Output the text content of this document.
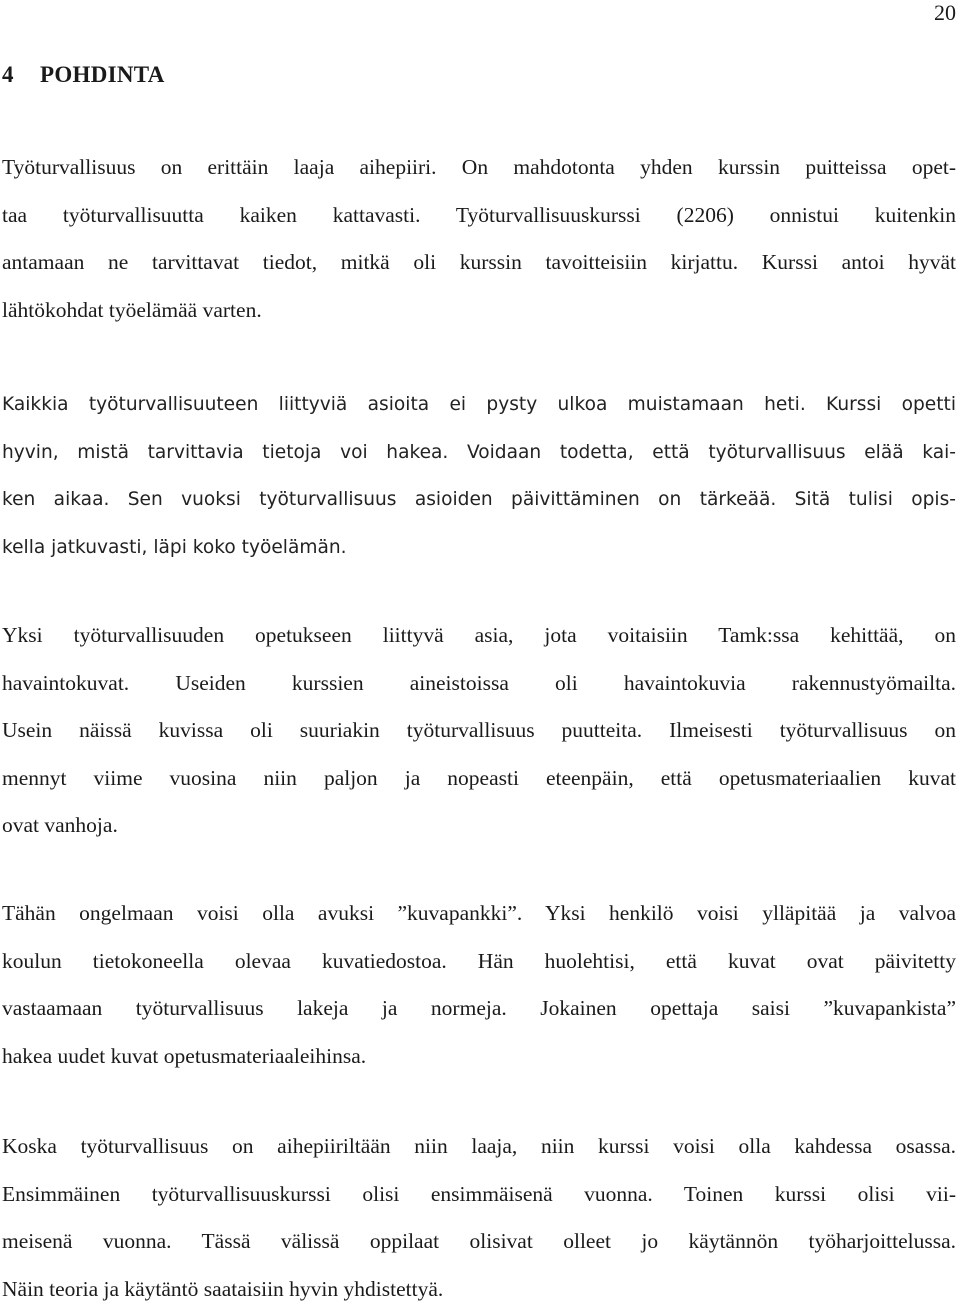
20
4 POHDINTA
Työturvallisuus on erittäin laaja aihepiiri. On mahdotonta yhden kurssin puitteissa opet-
taa työturvallisuutta kaiken kattavasti. Työturvallisuuskurssi (2206) onnistui kuitenkin
antamaan ne tarvittavat tiedot, mitkä oli kurssin tavoitteisiin kirjattu. Kurssi antoi hyvät
lähtökohdat työelämää varten.
Kaikkia työturvallisuuteen liittyviä asioita ei pysty ulkoa muistamaan heti. Kurssi opetti
hyvin, mistä tarvittavia tietoja voi hakea. Voidaan todetta, että työturvallisuus elää kai-
ken aikaa. Sen vuoksi työturvallisuus asioiden päivittäminen on tärkeää. Sitä tulisi opis-
kella jatkuvasti, läpi koko työelämän.
Yksi työturvallisuuden opetukseen liittyvä asia, jota voitaisiin Tamk:ssa kehittää, on
havaintokuvat. Useiden kurssien aineistoissa oli havaintokuvia rakennustyömailta.
Usein näissä kuvissa oli suuriakin työturvallisuus puutteita. Ilmeisesti työturvallisuus on
mennyt viime vuosina niin paljon ja nopeasti eteenpäin, että opetusmateriaalien kuvat
ovat vanhoja.
Tähän ongelmaan voisi olla avuksi ”kuvapankki”. Yksi henkilö voisi ylläpitää ja valvoa
koulun tietokoneella olevaa kuvatiedostoa. Hän huolehtisi, että kuvat ovat päivitetty
vastaamaan työturvallisuus lakeja ja normeja. Jokainen opettaja saisi ”kuvapankista”
hakea uudet kuvat opetusmateriaaleihinsa.
Koska työturvallisuus on aihepiiriltään niin laaja, niin kurssi voisi olla kahdessa osassa.
Ensimmäinen työturvallisuuskurssi olisi ensimmäisenä vuonna. Toinen kurssi olisi vii-
meisenä vuonna. Tässä välissä oppilaat olisivat olleet jo käytännön työharjoittelussa.
Näin teoria ja käytäntö saataisiin hyvin yhdistettyä.
